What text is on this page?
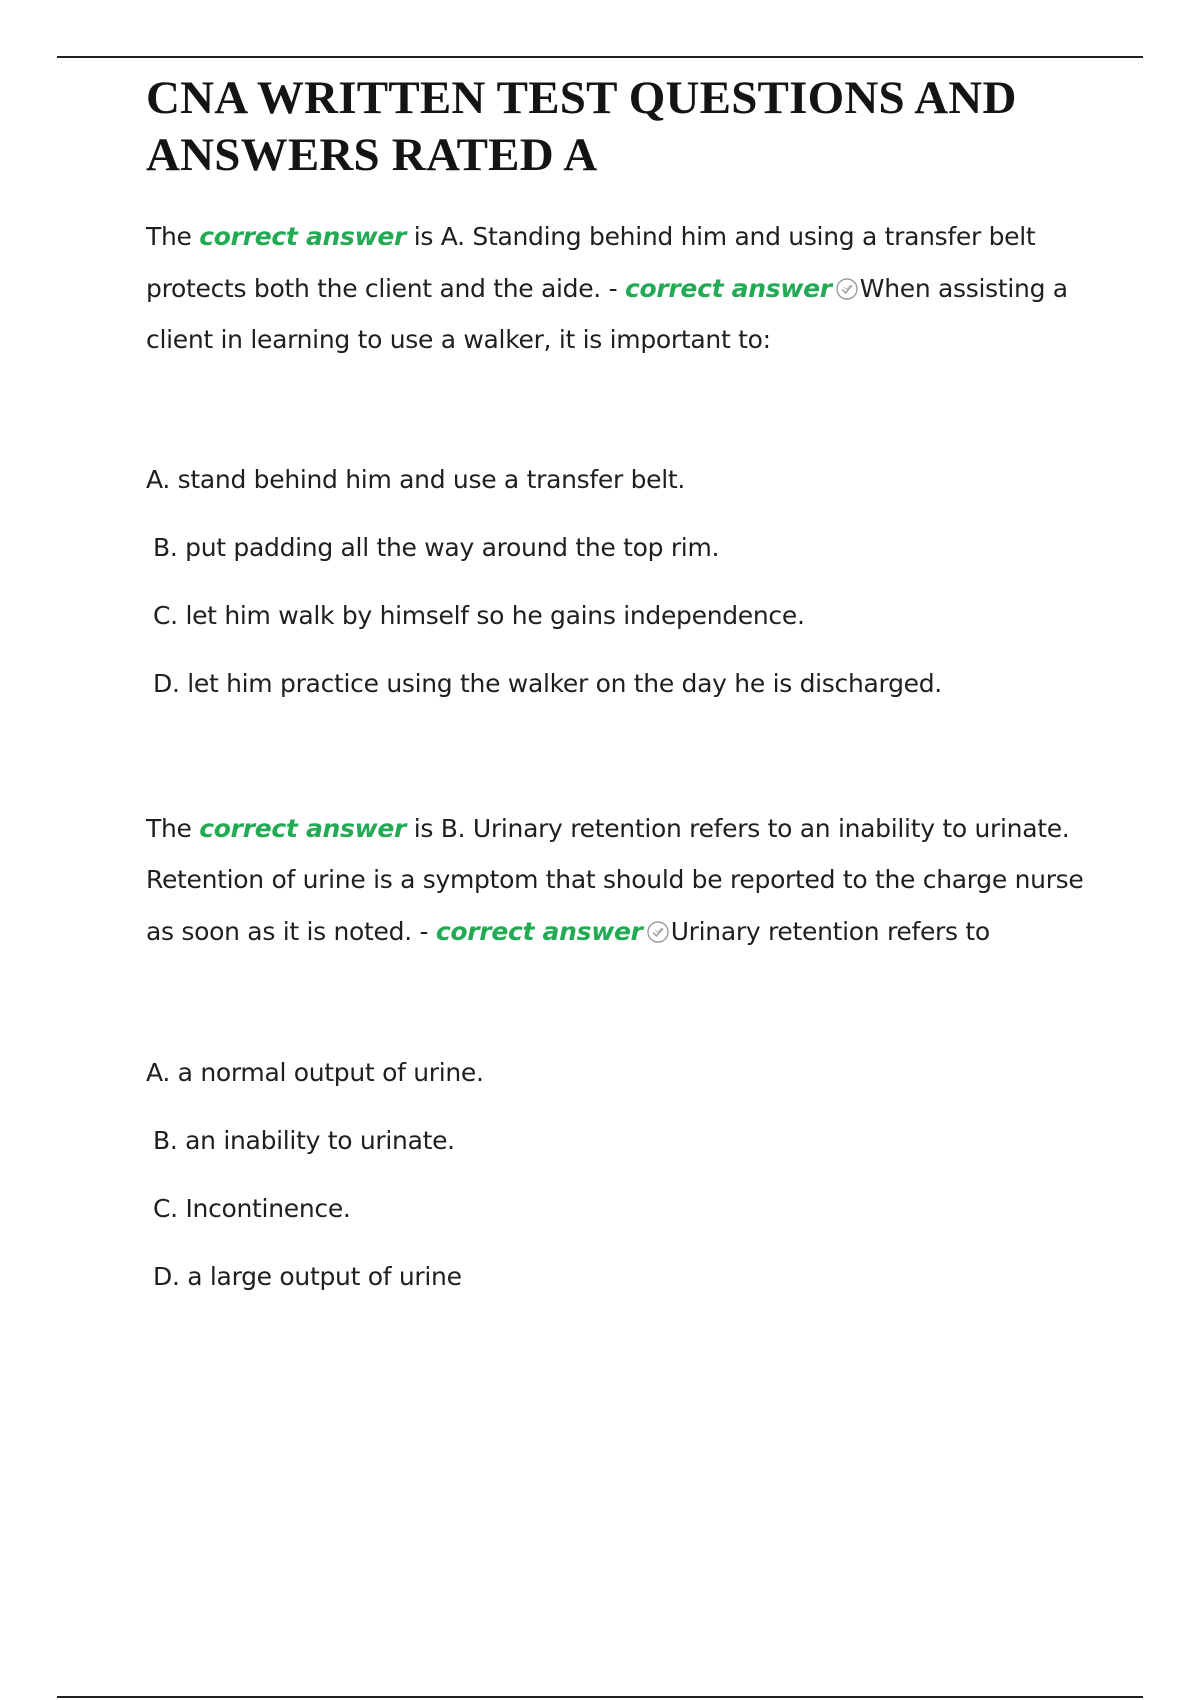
CNA WRITTEN TEST QUESTIONS AND ANSWERS RATED A

The correct answer is A. Standing behind him and using a transfer belt protects both the client and the aide. - correct answer When assisting a client in learning to use a walker, it is important to:

A. stand behind him and use a transfer belt.

B. put padding all the way around the top rim.

C. let him walk by himself so he gains independence.

D. let him practice using the walker on the day he is discharged.

The correct answer is B. Urinary retention refers to an inability to urinate. Retention of urine is a symptom that should be reported to the charge nurse as soon as it is noted. - correct answer Urinary retention refers to

A. a normal output of urine.

B. an inability to urinate.

C. Incontinence.

D. a large output of urine
